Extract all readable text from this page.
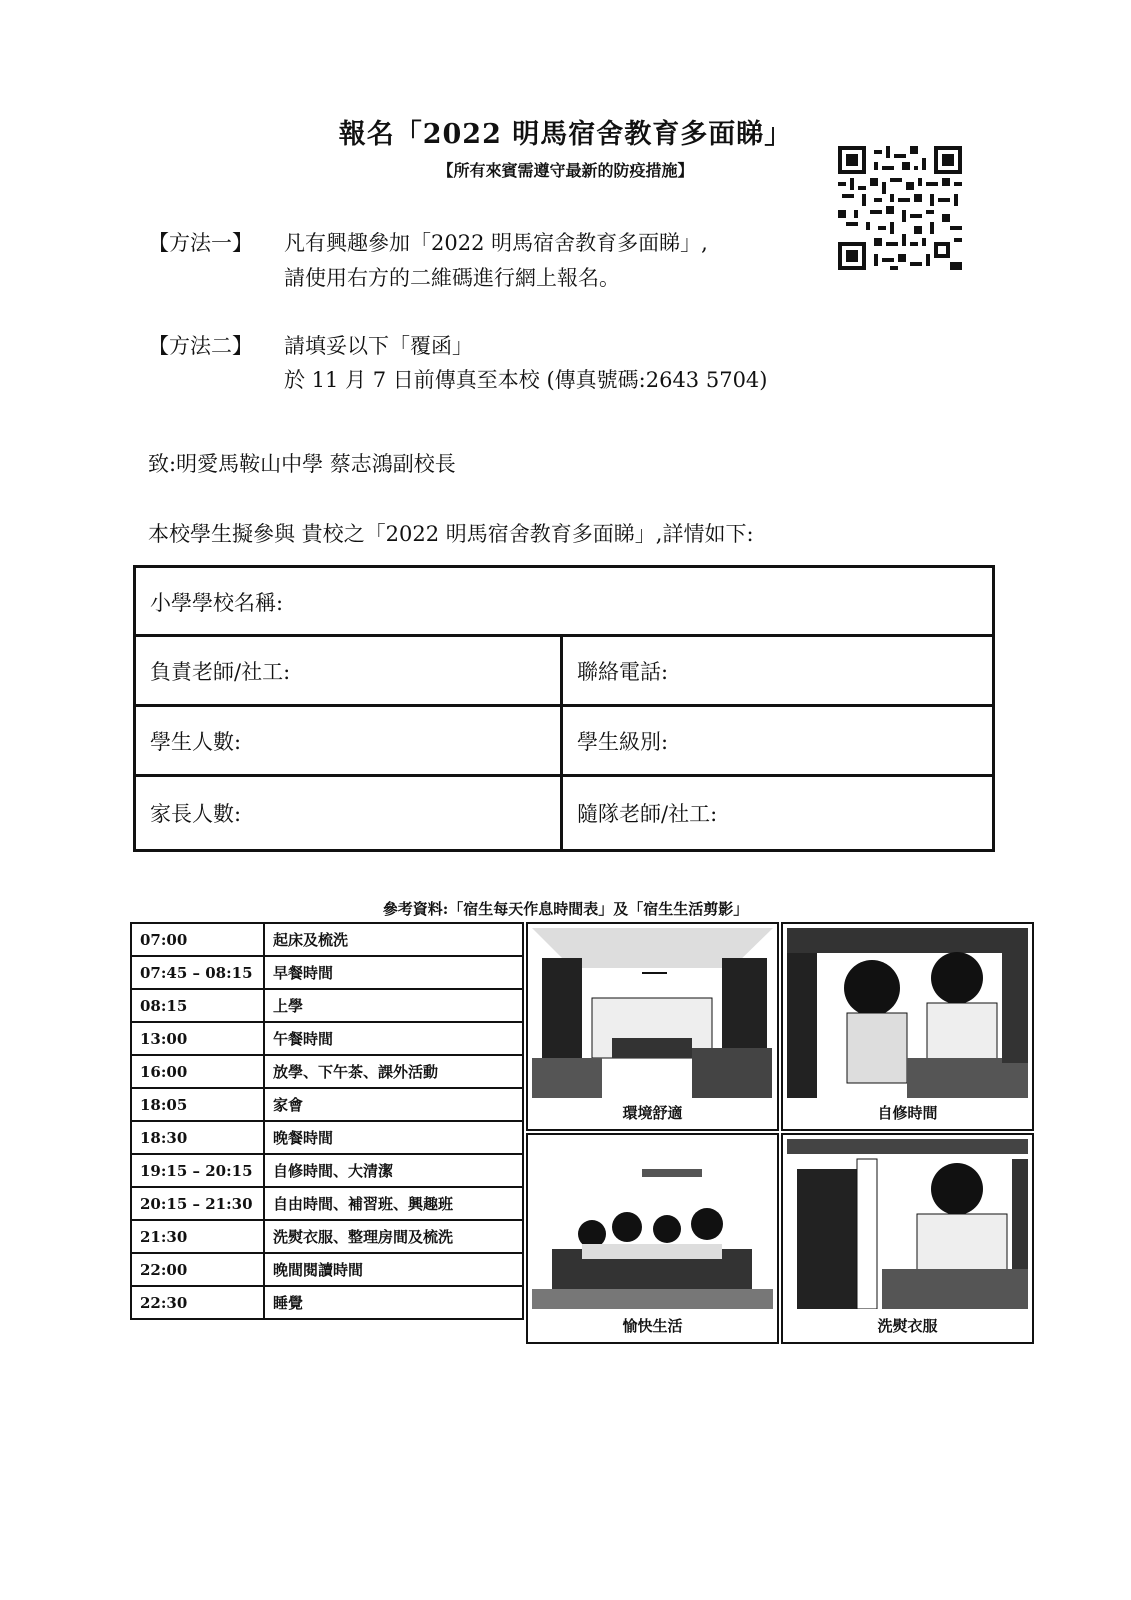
報名「2022 明馬宿舍教育多面睇」
【所有來賓需遵守最新的防疫措施】
【方法一】 凡有興趣參加「2022 明馬宿舍教育多面睇」,
請使用右方的二維碼進行網上報名。
【方法二】 請填妥以下「覆函」
於 11 月 7 日前傳真至本校 (傳真號碼:2643 5704)
致:明愛馬鞍山中學 蔡志鴻副校長
本校學生擬參與 貴校之「2022 明馬宿舍教育多面睇」,詳情如下:
小學學校名稱:
負責老師/社工:	聯絡電話:
學生人數:	學生級別:
家長人數:	隨隊老師/社工:
參考資料:「宿生每天作息時間表」及「宿生生活剪影」
07:00	起床及梳洗
07:45 – 08:15	早餐時間
08:15	上學
13:00	午餐時間
16:00	放學、下午茶、課外活動
18:05	家會
18:30	晚餐時間
19:15 – 20:15	自修時間、大清潔
20:15 – 21:30	自由時間、補習班、興趣班
21:30	洗熨衣服、整理房間及梳洗
22:00	晚間閱讀時間
22:30	睡覺
環境舒適	自修時間
愉快生活	洗熨衣服
